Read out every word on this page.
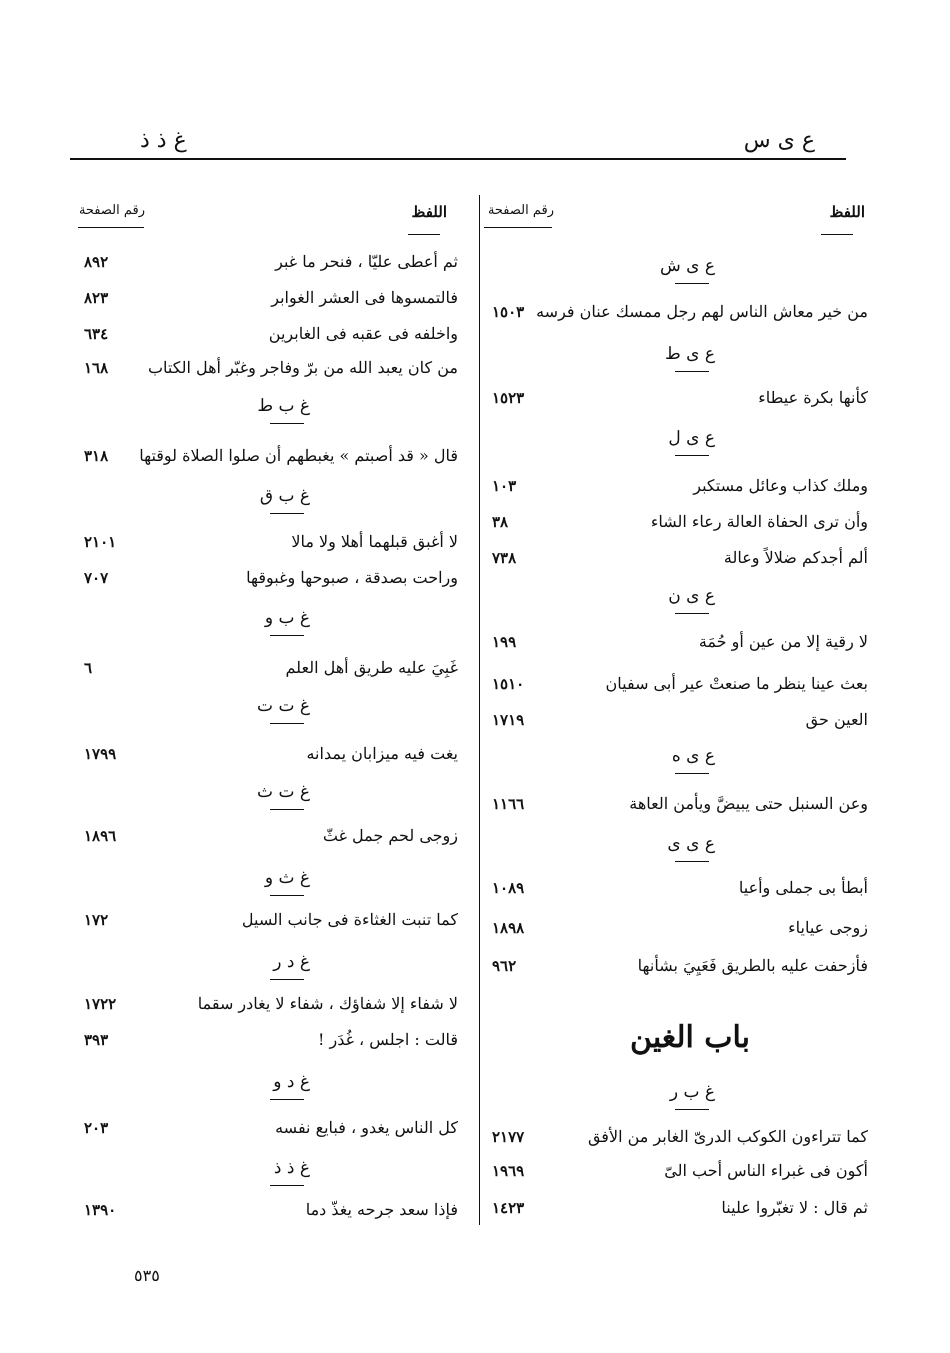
ع ى س
غ ذ ذ
اللفظ
رقم الصفحة
اللفظ
رقم الصفحة
ع ى ش
١٥٠٣ من خير معاش الناس لهم رجل ممسك عنان فرسه
ع ى ط
١٥٢٣	كأنها بكرة عيطاء
ع ى ل
١٠٣	وملك كذاب وعائل مستكبر
٣٨	وأن ترى الحفاة العالة رعاء الشاء
٧٣٨	ألم أجدكم ضلالاً وعالة
ع ى ن
١٩٩	لا رقية إلا من عين أو حُمَة
١٥١٠	بعث عينا ينظر ما صنعتْ عير أبى سفيان
١٧١٩	العين حق
ع ى ه
١١٦٦	وعن السنبل حتى يبيضَّ ويأمن العاهة
ع ى ى
١٠٨٩	أبطأ بى جملى وأعيا
١٨٩٨	زوجى عياياء
٩٦٢	فأزحفت عليه بالطريق فَعَيِيَ بشأنها
باب الغين
غ ب ر
٢١٧٧	كما تتراءون الكوكب الدرىّ الغابر من الأفق
١٩٦٩	أكون فى غبراء الناس أحب الىّ
١٤٢٣	ثم قال : لا تغبّروا علينا
٨٩٢	ثم أعطى عليّا ، فنحر ما غبر
٨٢٣	فالتمسوها فى العشر الغوابر
٦٣٤	واخلفه فى عقبه فى الغابرين
١٦٨ من كان يعبد الله من برّ وفاجر وغبّر أهل الكتاب
غ ب ط
٣١٨ قال « قد أصبتم » يغبطهم أن صلوا الصلاة لوقتها
غ ب ق
٢١٠١	لا أغبق قبلهما أهلا ولا مالا
٧٠٧	وراحت بصدقة ، صبوحها وغبوقها
غ ب و
٦	غَبِيَ عليه طريق أهل العلم
غ ت ت
١٧٩٩	يغت فيه ميزابان يمدانه
غ ت ث
١٨٩٦	زوجى لحم جمل غثّ
غ ث و
١٧٢	كما تنبت الغثاءة فى جانب السيل
غ د ر
١٧٢٢	لا شفاء إلا شفاؤك ، شفاء لا يغادر سقما
٣٩٣	قالت : اجلس ، غُدَر !
غ د و
٢٠٣	كل الناس يغدو ، فبايع نفسه
غ ذ ذ
١٣٩٠	فإذا سعد جرحه يغذّ دما
٥٣٥
